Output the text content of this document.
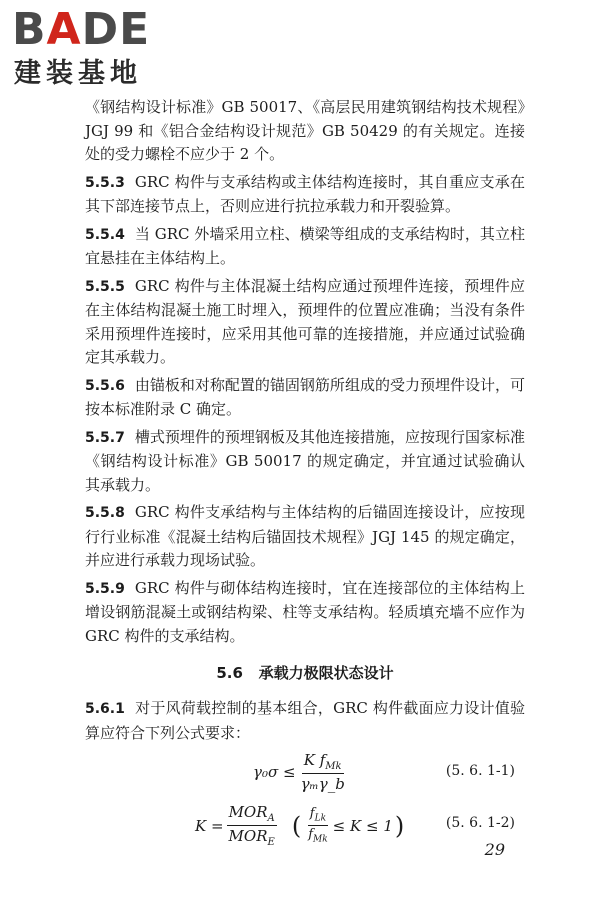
BADE
建装基地

《钢结构设计标准》GB 50017、《高层民用建筑钢结构技术规程》JGJ 99 和《铝合金结构设计规范》GB 50429 的有关规定。连接处的受力螺栓不应少于 2 个。

5.5.3 GRC 构件与支承结构或主体结构连接时，其自重应支承在其下部连接节点上，否则应进行抗拉承载力和开裂验算。

5.5.4 当 GRC 外墙采用立柱、横梁等组成的支承结构时，其立柱宜悬挂在主体结构上。

5.5.5 GRC 构件与主体混凝土结构应通过预埋件连接，预埋件应在主体结构混凝土施工时埋入，预埋件的位置应准确；当没有条件采用预埋件连接时，应采用其他可靠的连接措施，并应通过试验确定其承载力。

5.5.6 由锚板和对称配置的锚固钢筋所组成的受力预埋件设计，可按本标准附录 C 确定。

5.5.7 槽式预埋件的预埋钢板及其他连接措施，应按现行国家标准《钢结构设计标准》GB 50017 的规定确定，并宜通过试验确认其承载力。

5.5.8 GRC 构件支承结构与主体结构的后锚固连接设计，应按现行行业标准《混凝土结构后锚固技术规程》JGJ 145 的规定确定，并应进行承载力现场试验。

5.5.9 GRC 构件与砌体结构连接时，宜在连接部位的主体结构上增设钢筋混凝土或钢结构梁、柱等支承结构。轻质填充墙不应作为 GRC 构件的支承结构。

5.6 承载力极限状态设计

5.6.1 对于风荷载控制的基本组合，GRC 构件截面应力设计值验算应符合下列公式要求：

$\gamma_0\sigma \le \frac{K f_{Mk}}{\text{γₘγ\_b}}$	(5. 6. 1-1)
$K = \frac{MOR_A}{MOR_E}$ ( $\frac{f_{Lk}}{f_{Mk}} \le K \le 1$ )	(5. 6. 1-2)
29
